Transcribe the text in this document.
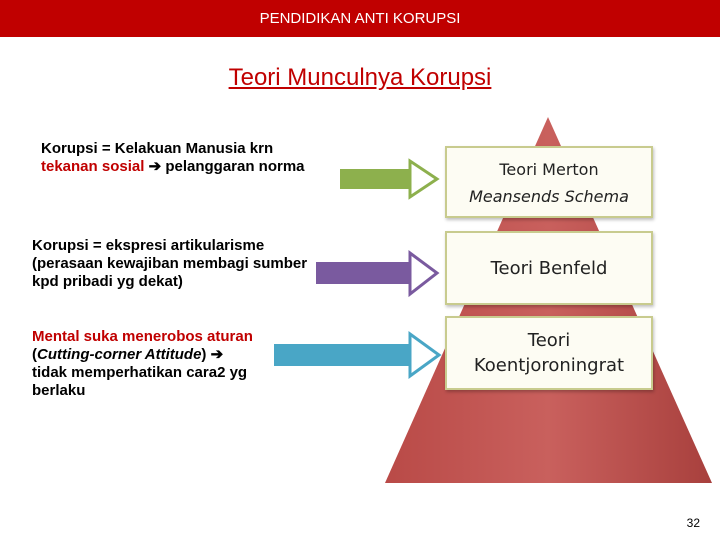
PENDIDIKAN ANTI KORUPSI
Teori Munculnya Korupsi
Korupsi = Kelakuan Manusia krn
tekanan sosial ➔ pelanggaran norma
Korupsi = ekspresi artikularisme (perasaan kewajiban membagi sumber kpd pribadi yg dekat)
Mental suka menerobos aturan (Cutting-corner Attitude) ➔ tidak memperhatikan cara2 yg berlaku
Teori Merton
Meansends Schema
Teori Benfeld
Teori
Koentjoroningrat
32
